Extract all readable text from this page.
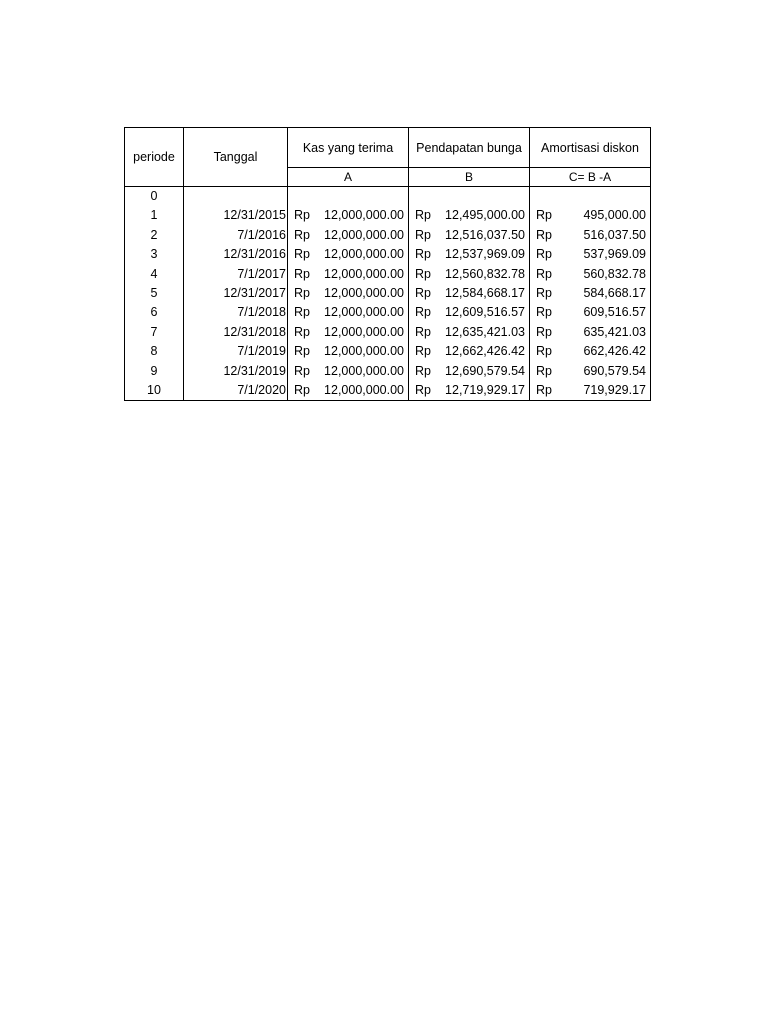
periode	Tanggal	Kas yang terima	Pendapatan bunga	Amortisasi diskon
		A	B	C= B -A
0				
1	12/31/2015	Rp 12,000,000.00	Rp 12,495,000.00	Rp 495,000.00

2	7/1/2016	Rp 12,000,000.00	Rp 12,516,037.50	Rp 516,037.50

3	12/31/2016	Rp 12,000,000.00	Rp 12,537,969.09	Rp 537,969.09

4	7/1/2017	Rp 12,000,000.00	Rp 12,560,832.78	Rp 560,832.78

5	12/31/2017	Rp 12,000,000.00	Rp 12,584,668.17	Rp 584,668.17

6	7/1/2018	Rp 12,000,000.00	Rp 12,609,516.57	Rp 609,516.57

7	12/31/2018	Rp 12,000,000.00	Rp 12,635,421.03	Rp 635,421.03

8	7/1/2019	Rp 12,000,000.00	Rp 12,662,426.42	Rp 662,426.42

9	12/31/2019	Rp 12,000,000.00	Rp 12,690,579.54	Rp 690,579.54

10	7/1/2020	Rp 12,000,000.00	Rp 12,719,929.17	Rp 719,929.17
